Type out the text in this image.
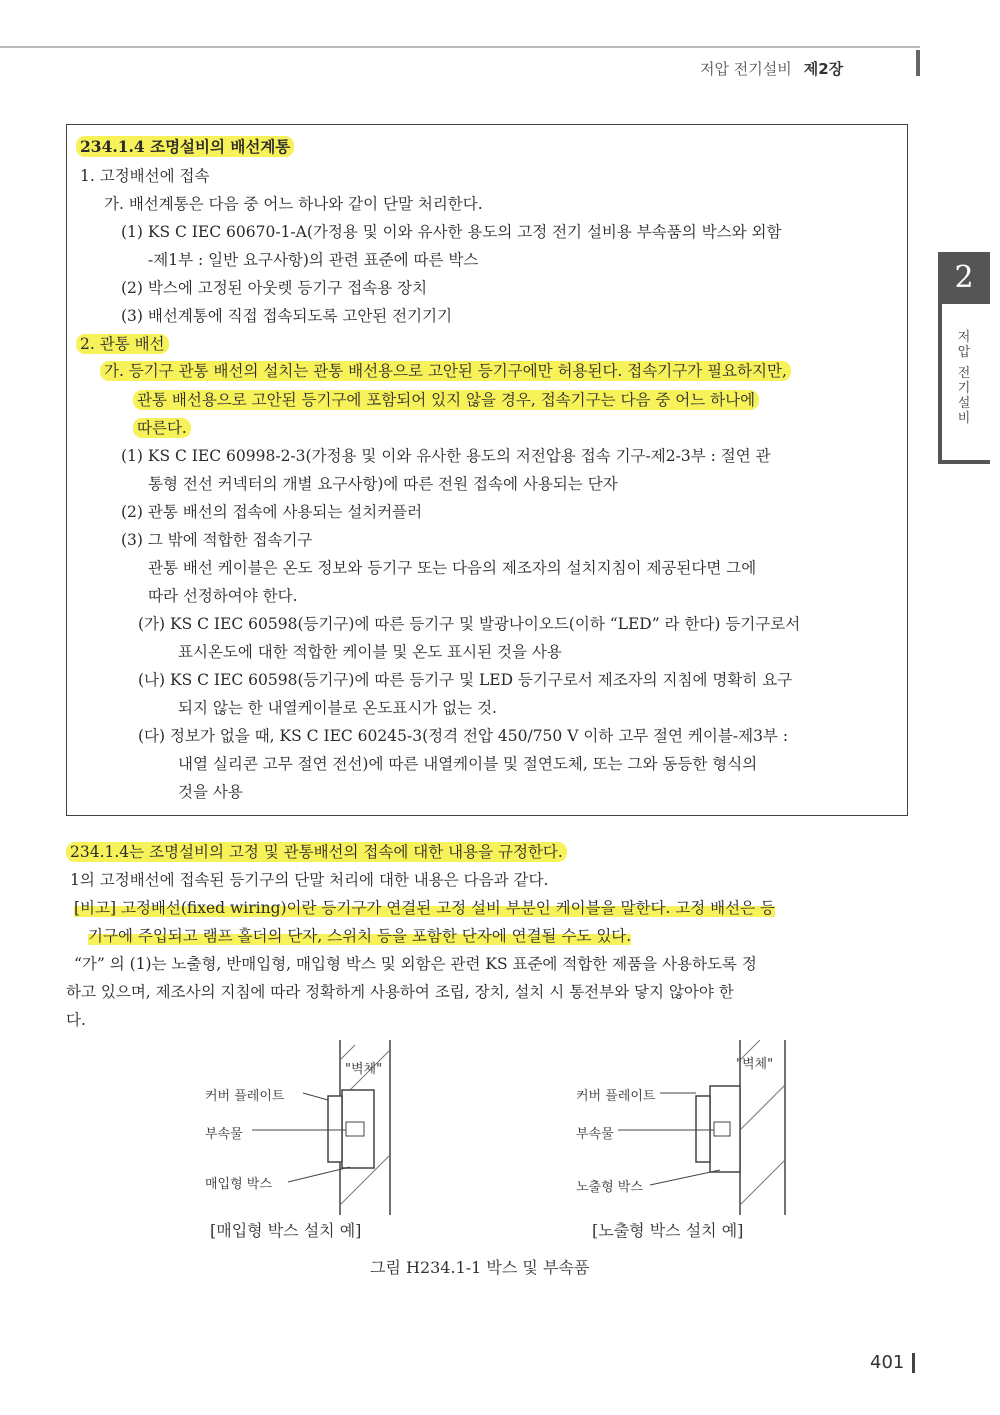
저압 전기설비 제2장
2
저
압

전
기
설
비
234.1.4 조명설비의 배선계통
1. 고정배선에 접속
가. 배선계통은 다음 중 어느 하나와 같이 단말 처리한다.
(1) KS C IEC 60670-1-A(가정용 및 이와 유사한 용도의 고정 전기 설비용 부속품의 박스와 외함
-제1부 : 일반 요구사항)의 관련 표준에 따른 박스
(2) 박스에 고정된 아웃렛 등기구 접속용 장치
(3) 배선계통에 직접 접속되도록 고안된 전기기기
2. 관통 배선
가. 등기구 관통 배선의 설치는 관통 배선용으로 고안된 등기구에만 허용된다. 접속기구가 필요하지만,
관통 배선용으로 고안된 등기구에 포함되어 있지 않을 경우, 접속기구는 다음 중 어느 하나에
따른다.
(1) KS C IEC 60998-2-3(가정용 및 이와 유사한 용도의 저전압용 접속 기구-제2-3부 : 절연 관
통형 전선 커넥터의 개별 요구사항)에 따른 전원 접속에 사용되는 단자
(2) 관통 배선의 접속에 사용되는 설치커플러
(3) 그 밖에 적합한 접속기구
관통 배선 케이블은 온도 정보와 등기구 또는 다음의 제조자의 설치지침이 제공된다면 그에
따라 선정하여야 한다.
(가) KS C IEC 60598(등기구)에 따른 등기구 및 발광나이오드(이하 “LED” 라 한다) 등기구로서
표시온도에 대한 적합한 케이블 및 온도 표시된 것을 사용
(나) KS C IEC 60598(등기구)에 따른 등기구 및 LED 등기구로서 제조자의 지침에 명확히 요구
되지 않는 한 내열케이블로 온도표시가 없는 것.
(다) 정보가 없을 때, KS C IEC 60245-3(정격 전압 450/750 V 이하 고무 절연 케이블-제3부 :
내열 실리콘 고무 절연 전선)에 따른 내열케이블 및 절연도체, 또는 그와 동등한 형식의
것을 사용
234.1.4는 조명설비의 고정 및 관통배선의 접속에 대한 내용을 규정한다.
1의 고정배선에 접속된 등기구의 단말 처리에 대한 내용은 다음과 같다.
[비고] 고정배선(fixed wiring)이란 등기구가 연결된 고정 설비 부분인 케이블을 말한다. 고정 배선은 등
기구에 주입되고 램프 홀더의 단자, 스위치 등을 포함한 단자에 연결될 수도 있다.
“가” 의 (1)는 노출형, 반매입형, 매입형 박스 및 외함은 관련 KS 표준에 적합한 제품을 사용하도록 정
하고 있으며, 제조사의 지침에 따라 정확하게 사용하여 조립, 장치, 설치 시 통전부와 닿지 않아야 한
다.
"벽체"
커버 플레이트
부속물
매입형 박스
[매입형 박스 설치 예]
"벽체"
커버 플레이트
부속물
노출형 박스
[노출형 박스 설치 예]
그림 H234.1-1 박스 및 부속품
401
